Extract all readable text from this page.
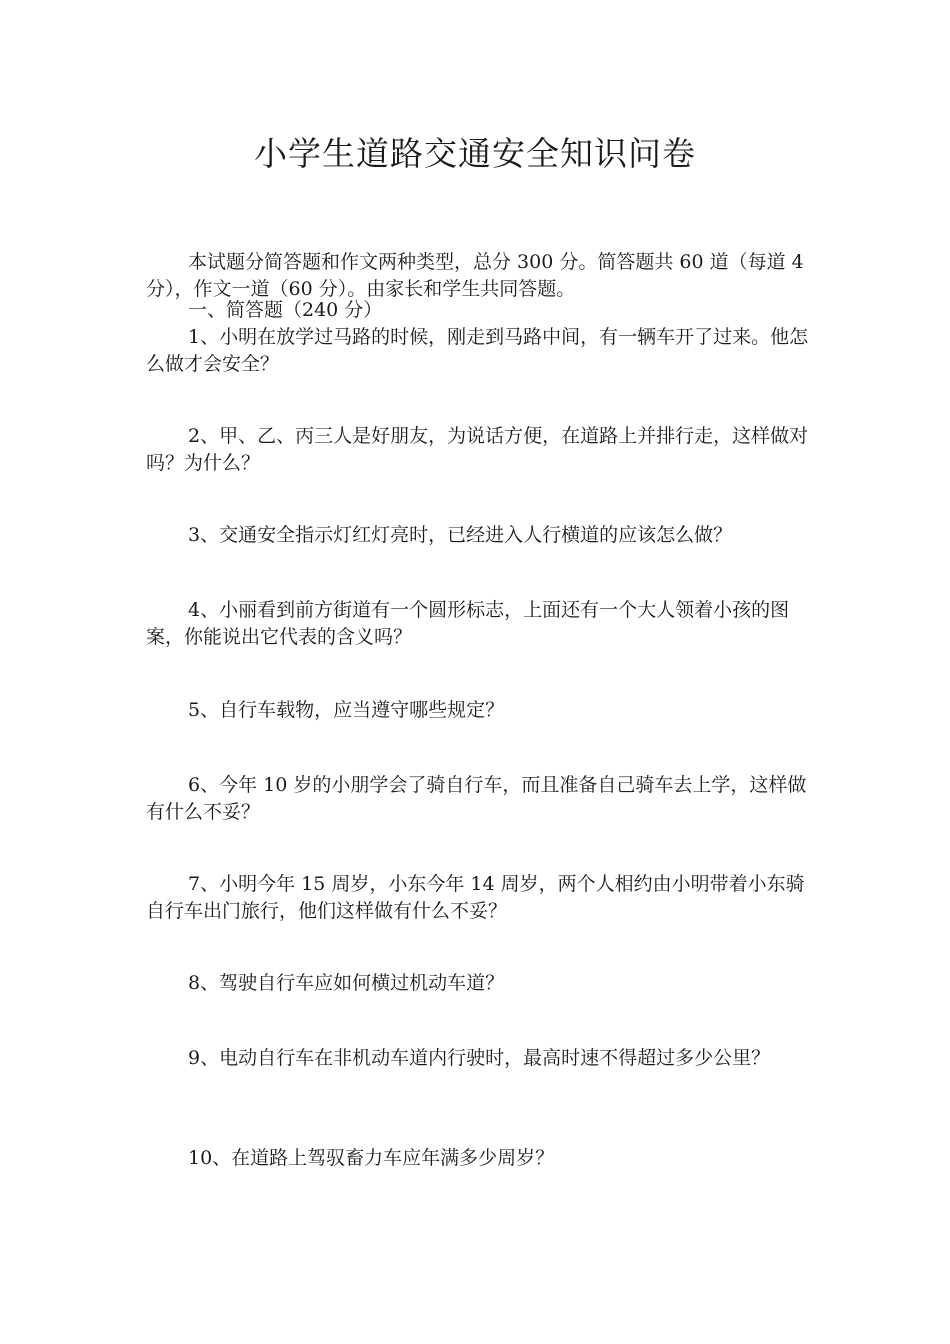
小学生道路交通安全知识问卷

本试题分简答题和作文两种类型，总分 300 分。简答题共 60 道（每道 4 分），作文一道（60 分）。由家长和学生共同答题。

一、简答题（240 分）

1、小明在放学过马路的时候，刚走到马路中间，有一辆车开了过来。他怎么做才会安全？

2、甲、乙、丙三人是好朋友，为说话方便，在道路上并排行走，这样做对吗？为什么？

3、交通安全指示灯红灯亮时，已经进入人行横道的应该怎么做？

4、小丽看到前方街道有一个圆形标志，上面还有一个大人领着小孩的图案，你能说出它代表的含义吗？

5、自行车载物，应当遵守哪些规定？

6、今年 10 岁的小朋学会了骑自行车，而且准备自己骑车去上学，这样做有什么不妥？

7、小明今年 15 周岁，小东今年 14 周岁，两个人相约由小明带着小东骑自行车出门旅行，他们这样做有什么不妥？

8、驾驶自行车应如何横过机动车道？

9、电动自行车在非机动车道内行驶时，最高时速不得超过多少公里？

10、在道路上驾驭畜力车应年满多少周岁？
